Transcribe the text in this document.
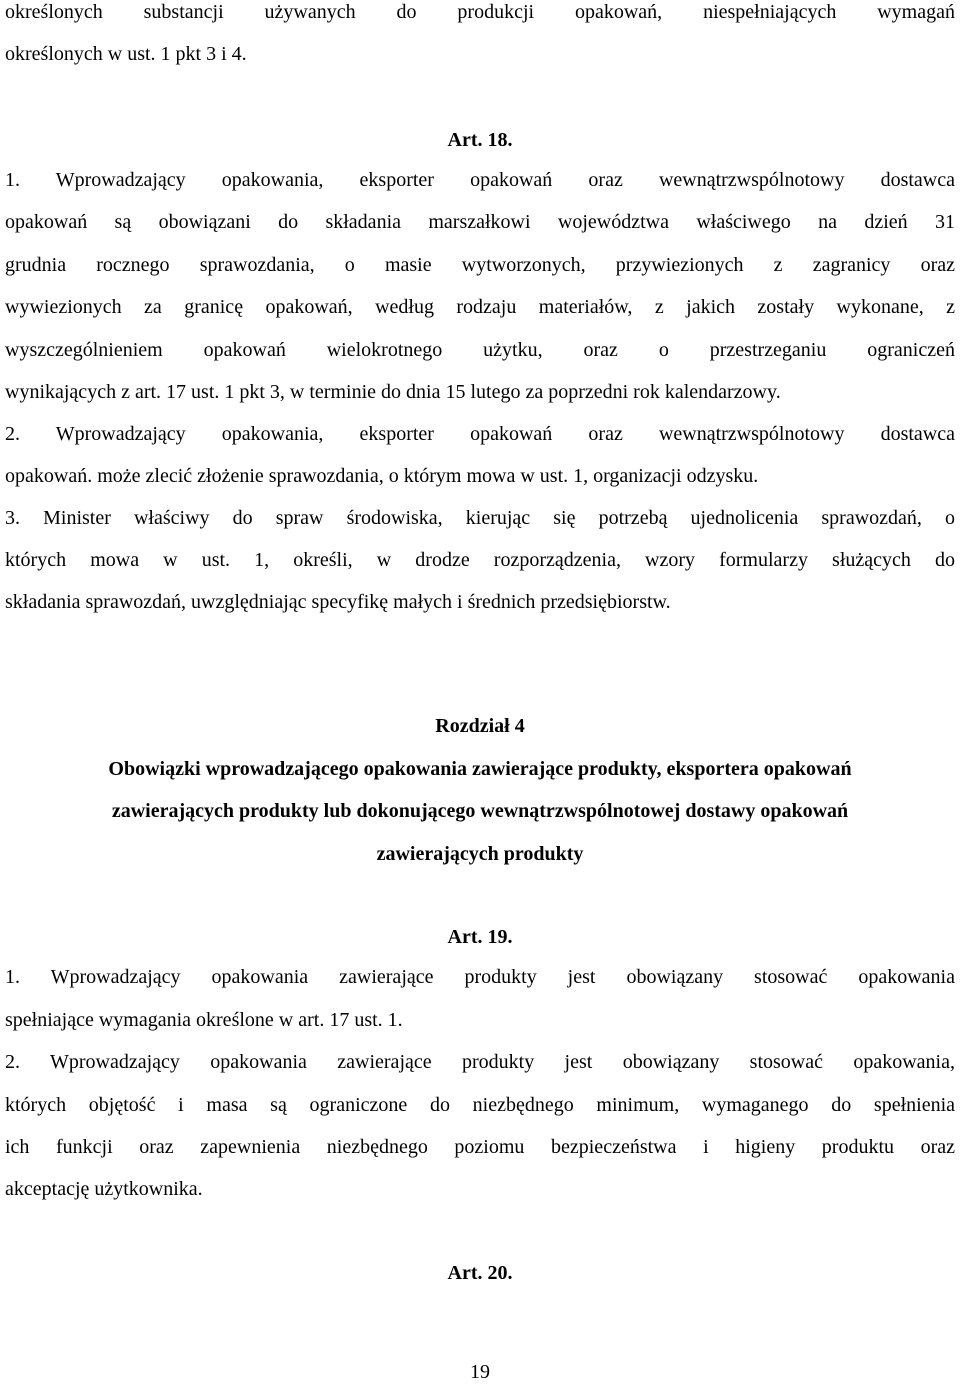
określonych substancji używanych do produkcji opakowań, niespełniających wymagań
określonych w ust. 1 pkt 3 i 4.
Art. 18.
1. Wprowadzający opakowania, eksporter opakowań oraz wewnątrzwspólnotowy dostawca
opakowań są obowiązani do składania marszałkowi województwa właściwego na dzień 31
grudnia rocznego sprawozdania, o masie wytworzonych, przywiezionych z zagranicy oraz
wywiezionych za granicę opakowań, według rodzaju materiałów, z jakich zostały wykonane, z
wyszczególnieniem opakowań wielokrotnego użytku, oraz o przestrzeganiu ograniczeń
wynikających z art. 17 ust. 1 pkt 3, w terminie do dnia 15 lutego za poprzedni rok kalendarzowy.
2. Wprowadzający opakowania, eksporter opakowań oraz wewnątrzwspólnotowy dostawca
opakowań. może zlecić złożenie sprawozdania, o którym mowa w ust. 1, organizacji odzysku.
3. Minister właściwy do spraw środowiska, kierując się potrzebą ujednolicenia sprawozdań, o
których mowa w ust. 1, określi, w drodze rozporządzenia, wzory formularzy służących do
składania sprawozdań, uwzględniając specyfikę małych i średnich przedsiębiorstw.
Rozdział 4
Obowiązki wprowadzającego opakowania zawierające produkty, eksportera opakowań
zawierających produkty lub dokonującego wewnątrzwspólnotowej dostawy opakowań
zawierających produkty
Art. 19.
1. Wprowadzający opakowania zawierające produkty jest obowiązany stosować opakowania
spełniające wymagania określone w art. 17 ust. 1.
2. Wprowadzający opakowania zawierające produkty jest obowiązany stosować opakowania,
których objętość i masa są ograniczone do niezbędnego minimum, wymaganego do spełnienia
ich funkcji oraz zapewnienia niezbędnego poziomu bezpieczeństwa i higieny produktu oraz
akceptację użytkownika.
Art. 20.
19
